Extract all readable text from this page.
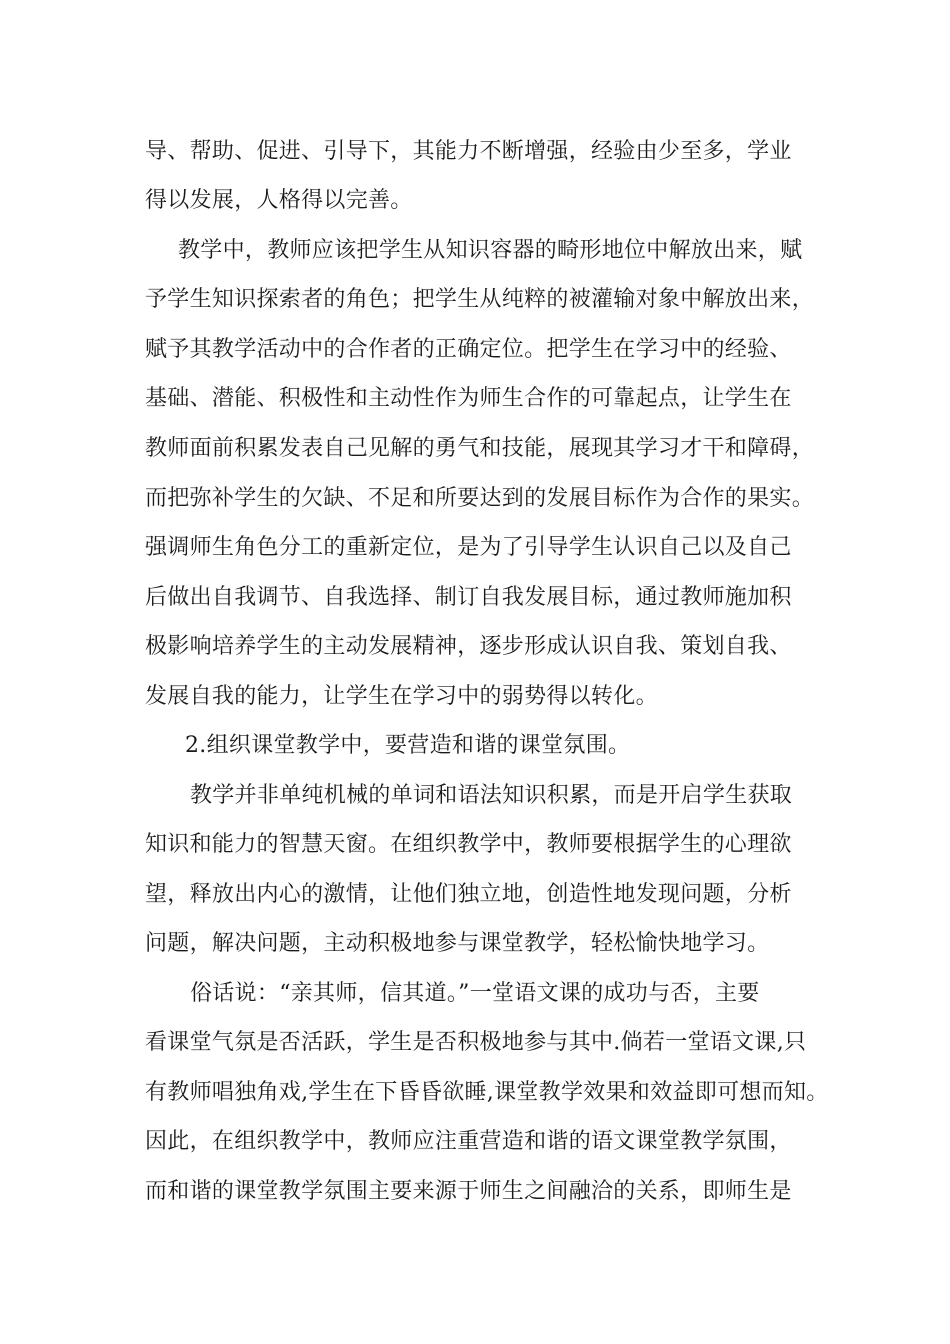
导、帮助、促进、引导下，其能力不断增强，经验由少至多，学业
得以发展，人格得以完善。
教学中，教师应该把学生从知识容器的畸形地位中解放出来，赋
予学生知识探索者的角色；把学生从纯粹的被灌输对象中解放出来，
赋予其教学活动中的合作者的正确定位。把学生在学习中的经验、
基础、潜能、积极性和主动性作为师生合作的可靠起点，让学生在
教师面前积累发表自己见解的勇气和技能，展现其学习才干和障碍，
而把弥补学生的欠缺、不足和所要达到的发展目标作为合作的果实。
强调师生角色分工的重新定位，是为了引导学生认识自己以及自己
后做出自我调节、自我选择、制订自我发展目标，通过教师施加积
极影响培养学生的主动发展精神，逐步形成认识自我、策划自我、
发展自我的能力，让学生在学习中的弱势得以转化。
2.组织课堂教学中，要营造和谐的课堂氛围。
教学并非单纯机械的单词和语法知识积累，而是开启学生获取
知识和能力的智慧天窗。在组织教学中，教师要根据学生的心理欲
望，释放出内心的激情，让他们独立地，创造性地发现问题，分析
问题，解决问题，主动积极地参与课堂教学，轻松愉快地学习。
俗话说：“亲其师，信其道。”一堂语文课的成功与否，主要
看课堂气氛是否活跃，学生是否积极地参与其中.倘若一堂语文课,只
有教师唱独角戏,学生在下昏昏欲睡,课堂教学效果和效益即可想而知。
因此，在组织教学中，教师应注重营造和谐的语文课堂教学氛围，
而和谐的课堂教学氛围主要来源于师生之间融洽的关系，即师生是
